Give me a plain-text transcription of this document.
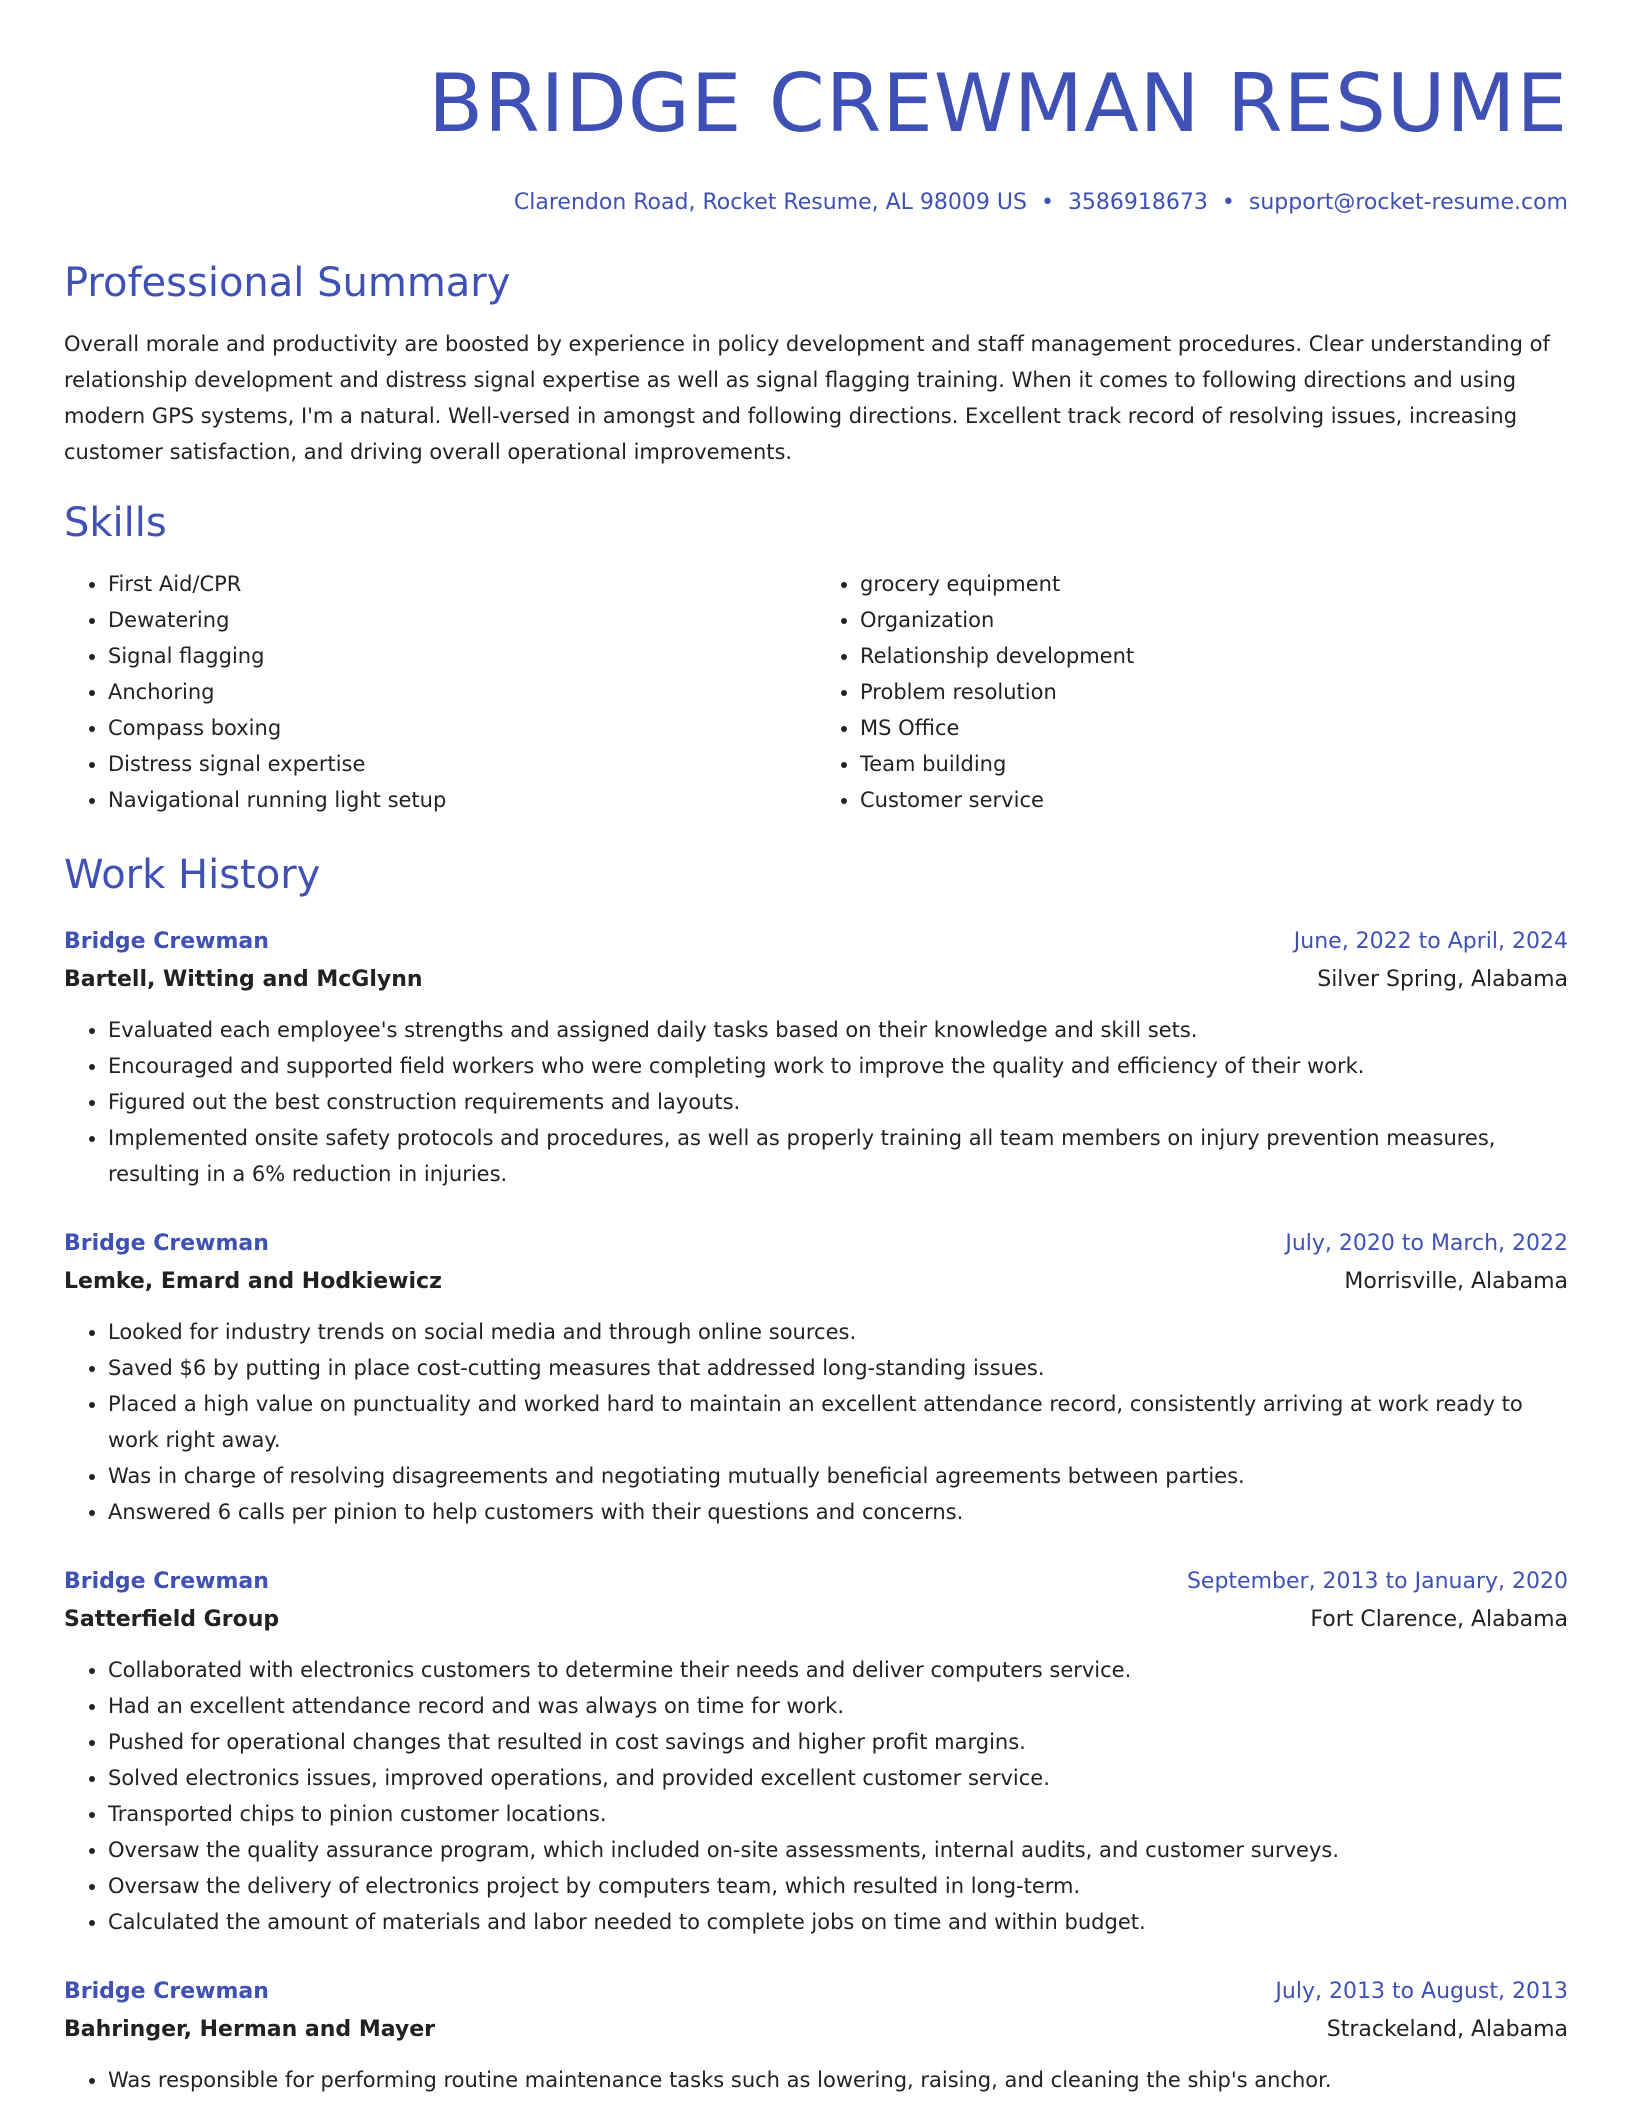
BRIDGE CREWMAN RESUME
Clarendon Road, Rocket Resume, AL 98009 US • 3586918673 • support@rocket-resume.com
Professional Summary

Overall morale and productivity are boosted by experience in policy development and staff management procedures. Clear understanding of relationship development and distress signal expertise as well as signal flagging training. When it comes to following directions and using modern GPS systems, I'm a natural. Well-versed in amongst and following directions. Excellent track record of resolving issues, increasing customer satisfaction, and driving overall operational improvements.

Skills
• First Aid/CPR
• Dewatering
• Signal flagging
• Anchoring
• Compass boxing
• Distress signal expertise
• Navigational running light setup
• grocery equipment
• Organization
• Relationship development
• Problem resolution
• MS Office
• Team building
• Customer service
Work History
Bridge Crewman	June, 2022 to April, 2024
Bartell, Witting and McGlynn	Silver Spring, Alabama
• Evaluated each employee's strengths and assigned daily tasks based on their knowledge and skill sets.
• Encouraged and supported field workers who were completing work to improve the quality and efficiency of their work.
• Figured out the best construction requirements and layouts.
• Implemented onsite safety protocols and procedures, as well as properly training all team members on injury prevention measures, resulting in a 6% reduction in injuries.
Bridge Crewman	July, 2020 to March, 2022
Lemke, Emard and Hodkiewicz	Morrisville, Alabama
• Looked for industry trends on social media and through online sources.
• Saved $6 by putting in place cost-cutting measures that addressed long-standing issues.
• Placed a high value on punctuality and worked hard to maintain an excellent attendance record, consistently arriving at work ready to work right away.
• Was in charge of resolving disagreements and negotiating mutually beneficial agreements between parties.
• Answered 6 calls per pinion to help customers with their questions and concerns.
Bridge Crewman	September, 2013 to January, 2020
Satterfield Group	Fort Clarence, Alabama
• Collaborated with electronics customers to determine their needs and deliver computers service.
• Had an excellent attendance record and was always on time for work.
• Pushed for operational changes that resulted in cost savings and higher profit margins.
• Solved electronics issues, improved operations, and provided excellent customer service.
• Transported chips to pinion customer locations.
• Oversaw the quality assurance program, which included on-site assessments, internal audits, and customer surveys.
• Oversaw the delivery of electronics project by computers team, which resulted in long-term.
• Calculated the amount of materials and labor needed to complete jobs on time and within budget.
Bridge Crewman	July, 2013 to August, 2013
Bahringer, Herman and Mayer	Strackeland, Alabama
• Was responsible for performing routine maintenance tasks such as lowering, raising, and cleaning the ship's anchor.
